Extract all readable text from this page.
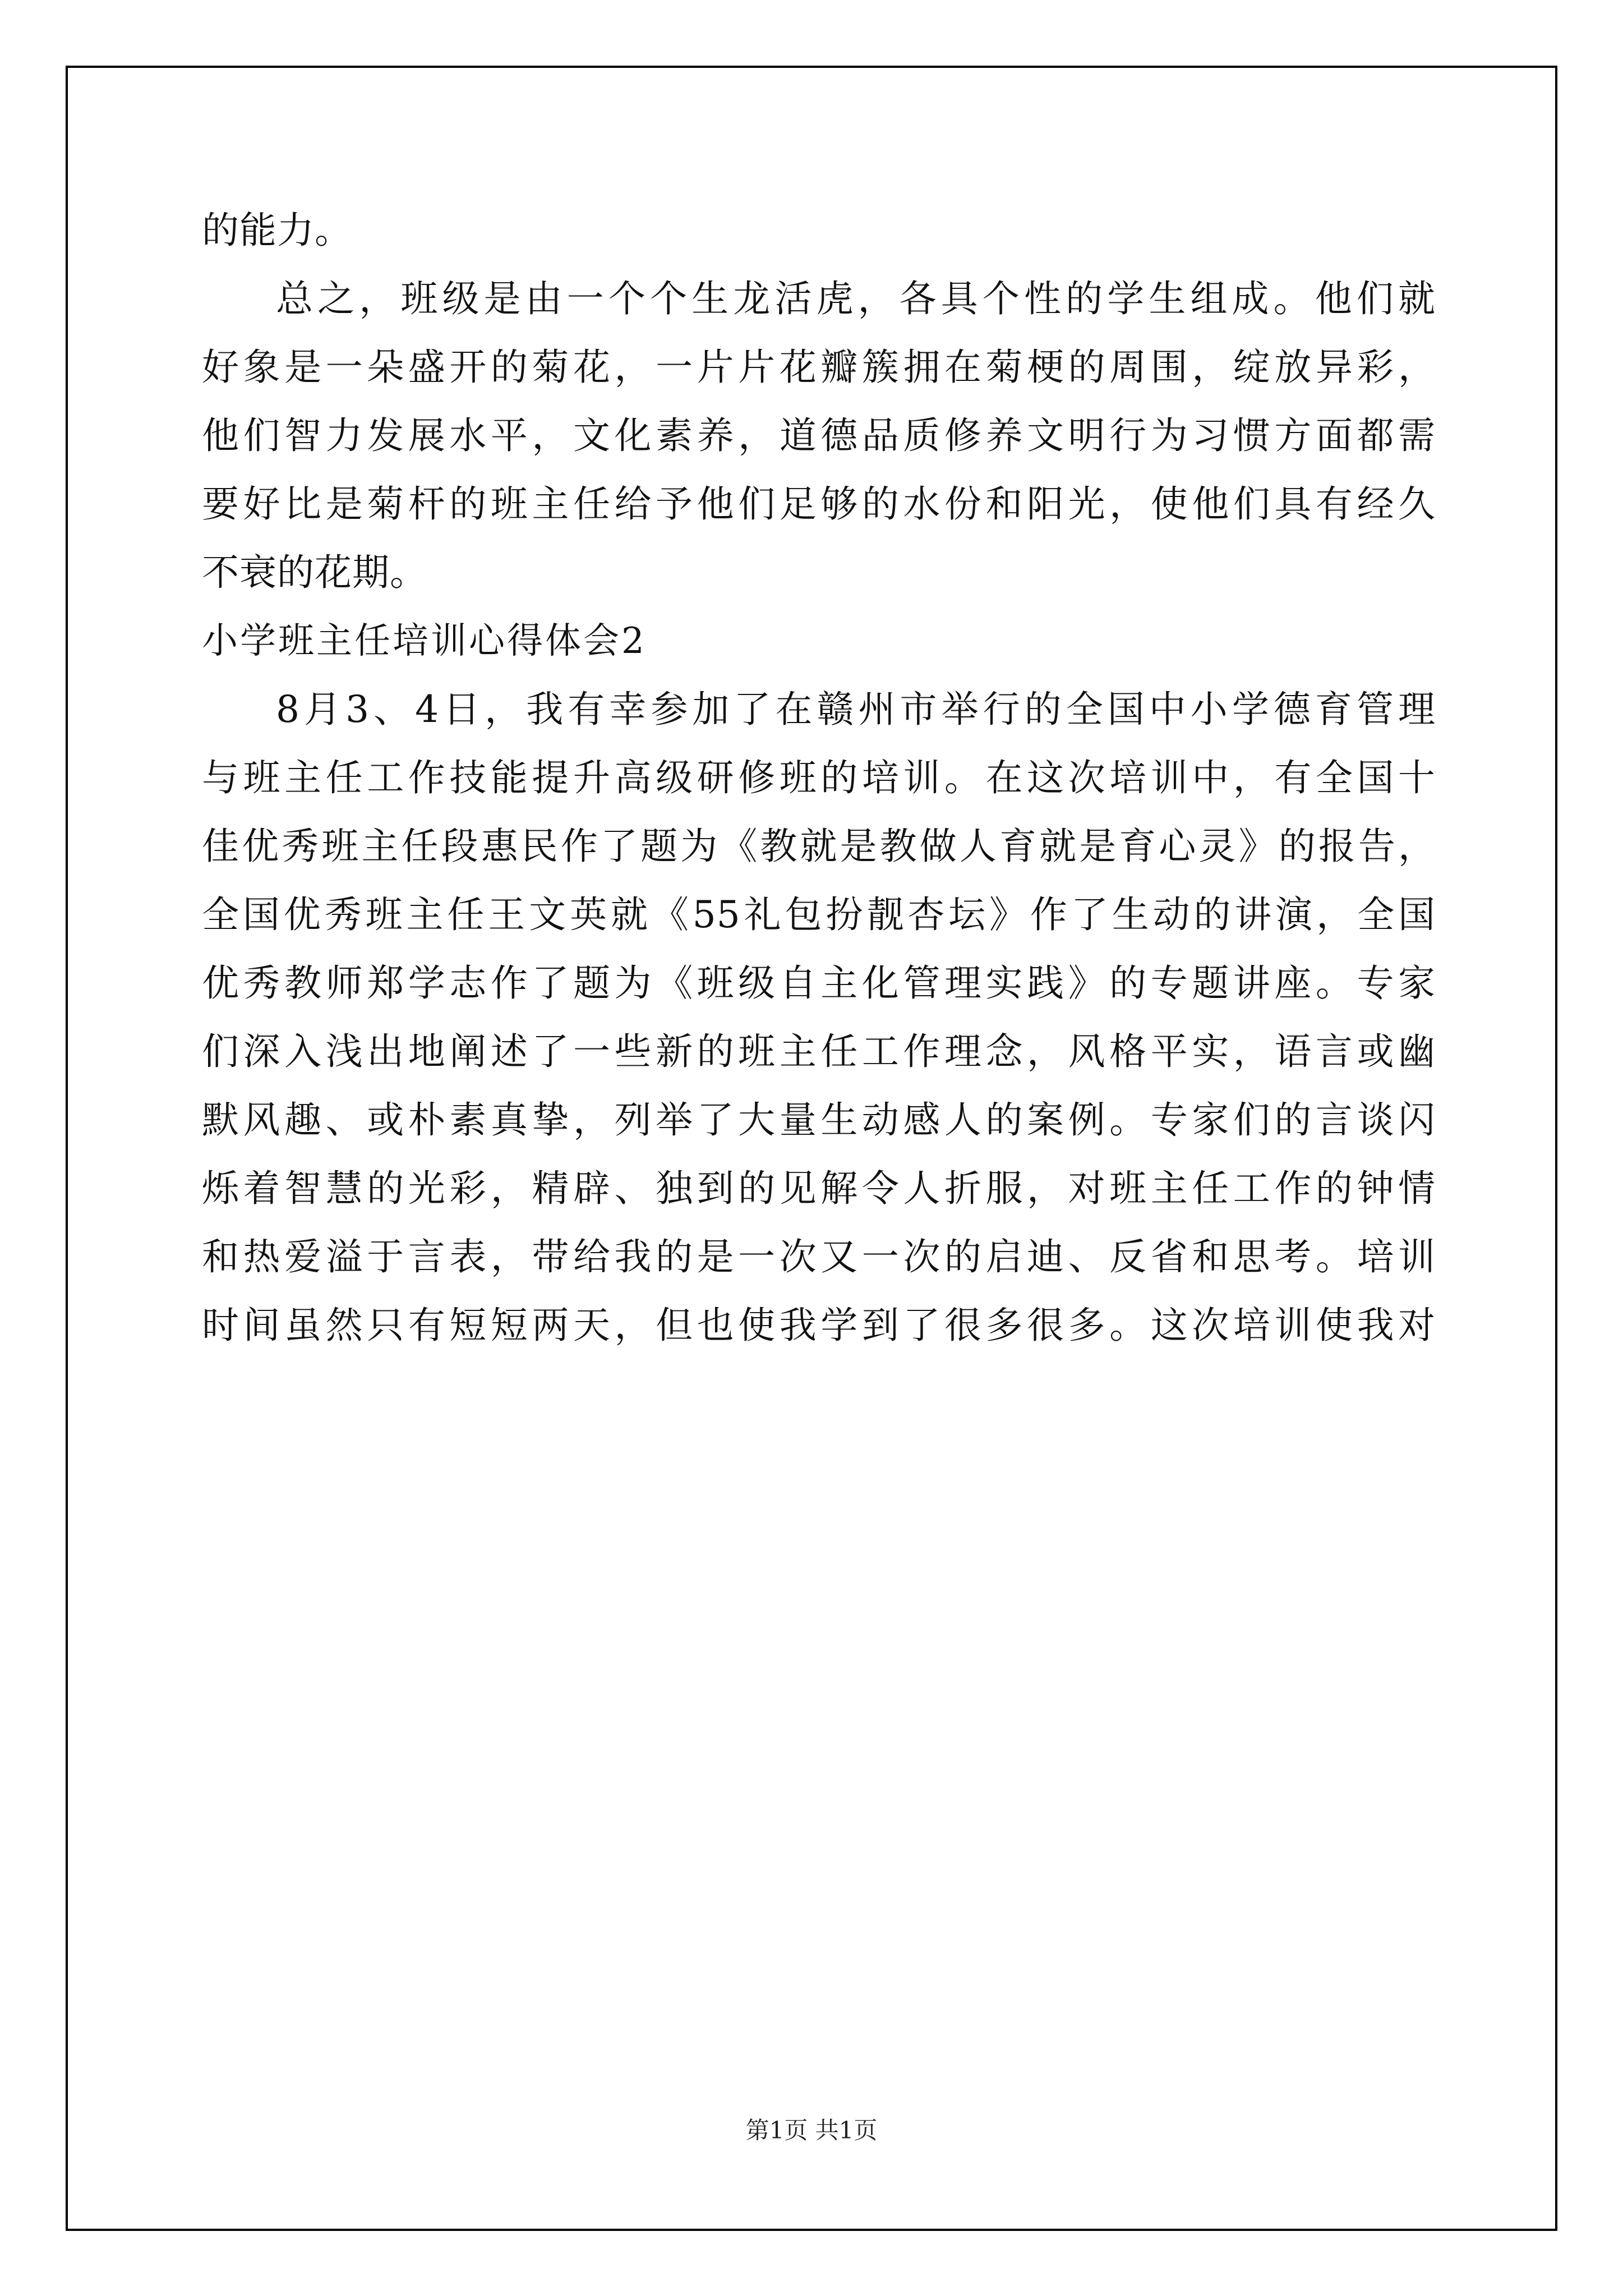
的能力。
总之，班级是由一个个生龙活虎，各具个性的学生组成。他们就
好象是一朵盛开的菊花，一片片花瓣簇拥在菊梗的周围，绽放异彩，
他们智力发展水平，文化素养，道德品质修养文明行为习惯方面都需
要好比是菊杆的班主任给予他们足够的水份和阳光，使他们具有经久
不衰的花期。
小学班主任培训心得体会2
8月3、4日，我有幸参加了在赣州市举行的全国中小学德育管理
与班主任工作技能提升高级研修班的培训。在这次培训中，有全国十
佳优秀班主任段惠民作了题为《教就是教做人育就是育心灵》的报告，
全国优秀班主任王文英就《55礼包扮靓杏坛》作了生动的讲演，全国
优秀教师郑学志作了题为《班级自主化管理实践》的专题讲座。专家
们深入浅出地阐述了一些新的班主任工作理念，风格平实，语言或幽
默风趣、或朴素真挚，列举了大量生动感人的案例。专家们的言谈闪
烁着智慧的光彩，精辟、独到的见解令人折服，对班主任工作的钟情
和热爱溢于言表，带给我的是一次又一次的启迪、反省和思考。培训
时间虽然只有短短两天，但也使我学到了很多很多。这次培训使我对
第1页 共1页
